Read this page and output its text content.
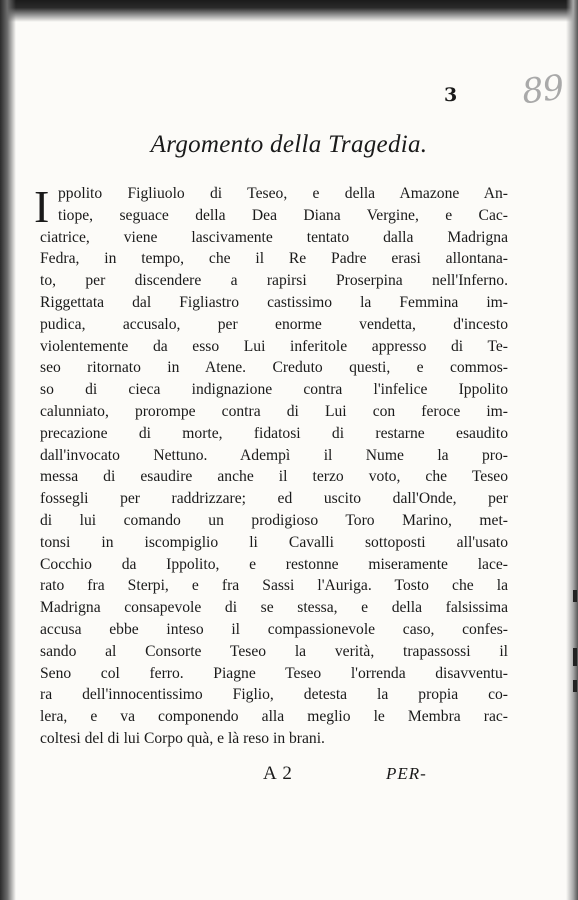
3 89
Argomento della Tragedia.
I ppolito Figliuolo di Teseo, e della Amazone An-
tiope, seguace della Dea Diana Vergine, e Cac-
ciatrice, viene lascivamente tentato dalla Madrigna
Fedra, in tempo, che il Re Padre erasi allontana-
to, per discendere a rapirsi Proserpina nell'Inferno.
Riggettata dal Figliastro castissimo la Femmina im-
pudica, accusalo, per enorme vendetta, d'incesto
violentemente da esso Lui inferitole appresso di Te-
seo ritornato in Atene. Creduto questi, e commos-
so di cieca indignazione contra l'infelice Ippolito
calunniato, prorompe contra di Lui con feroce im-
precazione di morte, fidatosi di restarne esaudito
dall'invocato Nettuno. Adempì il Nume la pro-
messa di esaudire anche il terzo voto, che Teseo
fossegli per raddrizzare; ed uscito dall'Onde, per
di lui comando un prodigioso Toro Marino, met-
tonsi in iscompiglio li Cavalli sottoposti all'usato
Cocchio da Ippolito, e restonne miseramente lace-
rato fra Sterpi, e fra Sassi l'Auriga. Tosto che la
Madrigna consapevole di se stessa, e della falsissima
accusa ebbe inteso il compassionevole caso, confes-
sando al Consorte Teseo la verità, trapassossi il
Seno col ferro. Piagne Teseo l'orrenda disavventu-
ra dell'innocentissimo Figlio, detesta la propia co-
lera, e va componendo alla meglio le Membra rac-
coltesi del di lui Corpo quà, e là reso in brani.
A 2	PER-
